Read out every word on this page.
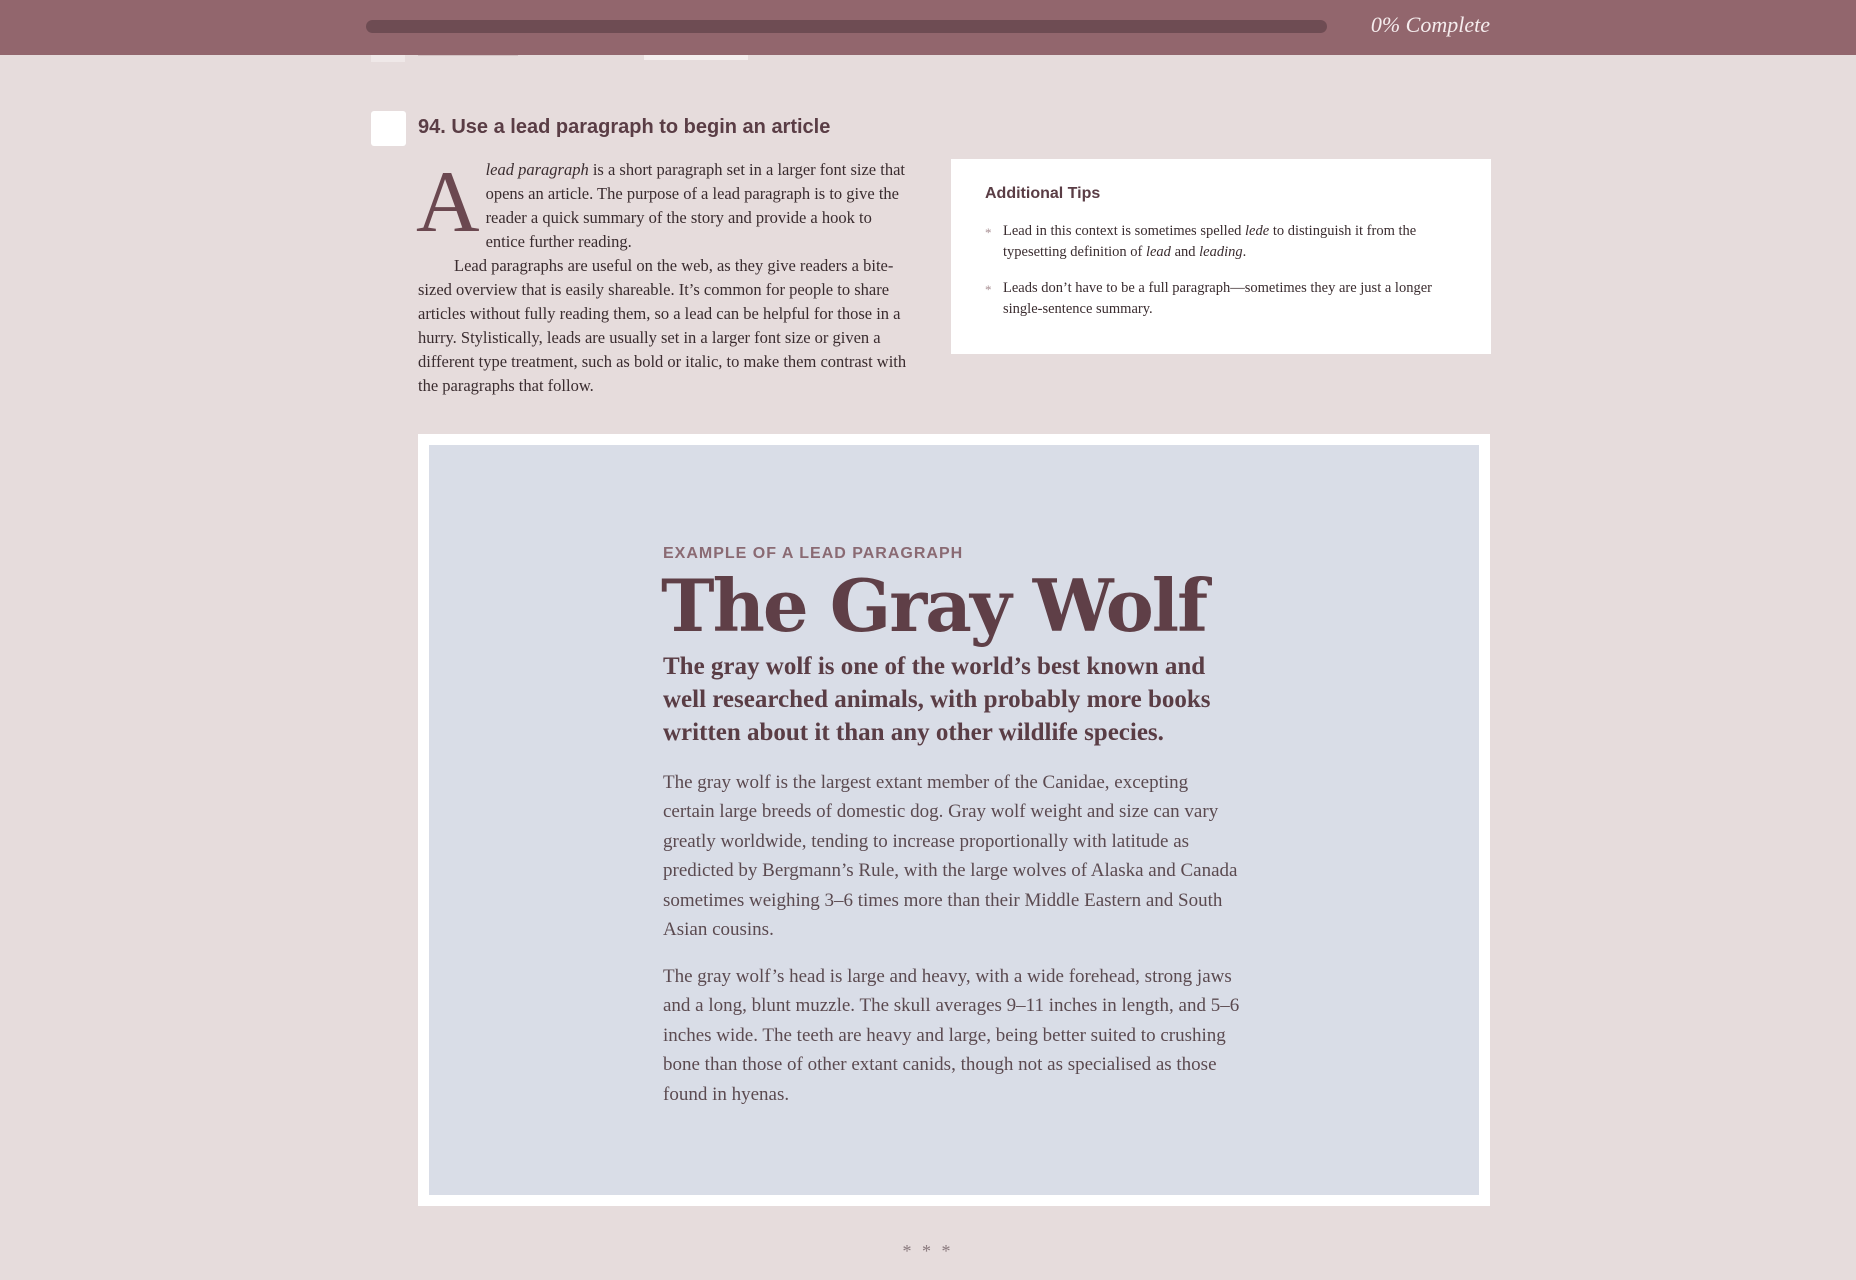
0% Complete
94. Use a lead paragraph to begin an article

Alead paragraph is a short paragraph set in a larger font size that opens an article. The purpose of a lead paragraph is to give the reader a quick summary of the story and provide a hook to entice further reading.

Lead paragraphs are useful on the web, as they give readers a bite-sized overview that is easily shareable. It’s common for people to share articles without fully reading them, so a lead can be helpful for those in a hurry. Stylistically, leads are usually set in a larger font size or given a different type treatment, such as bold or italic, to make them contrast with the paragraphs that follow.

Additional Tips
* Lead in this context is sometimes spelled lede to distinguish it from the typesetting definition of lead and leading.
* Leads don’t have to be a full paragraph—sometimes they are just a longer single-sentence summary.
EXAMPLE OF A LEAD PARAGRAPH
The Gray Wolf
The gray wolf is one of the world’s best known and well researched animals, with probably more books written about it than any other wildlife species.
The gray wolf is the largest extant member of the Canidae, excepting certain large breeds of domestic dog. Gray wolf weight and size can vary greatly worldwide, tending to increase proportionally with latitude as predicted by Bergmann’s Rule, with the large wolves of Alaska and Canada sometimes weighing 3–6 times more than their Middle Eastern and South Asian cousins.
The gray wolf’s head is large and heavy, with a wide forehead, strong jaws and a long, blunt muzzle. The skull averages 9–11 inches in length, and 5–6 inches wide. The teeth are heavy and large, being better suited to crushing bone than those of other extant canids, though not as specialised as those found in hyenas.
* * *
